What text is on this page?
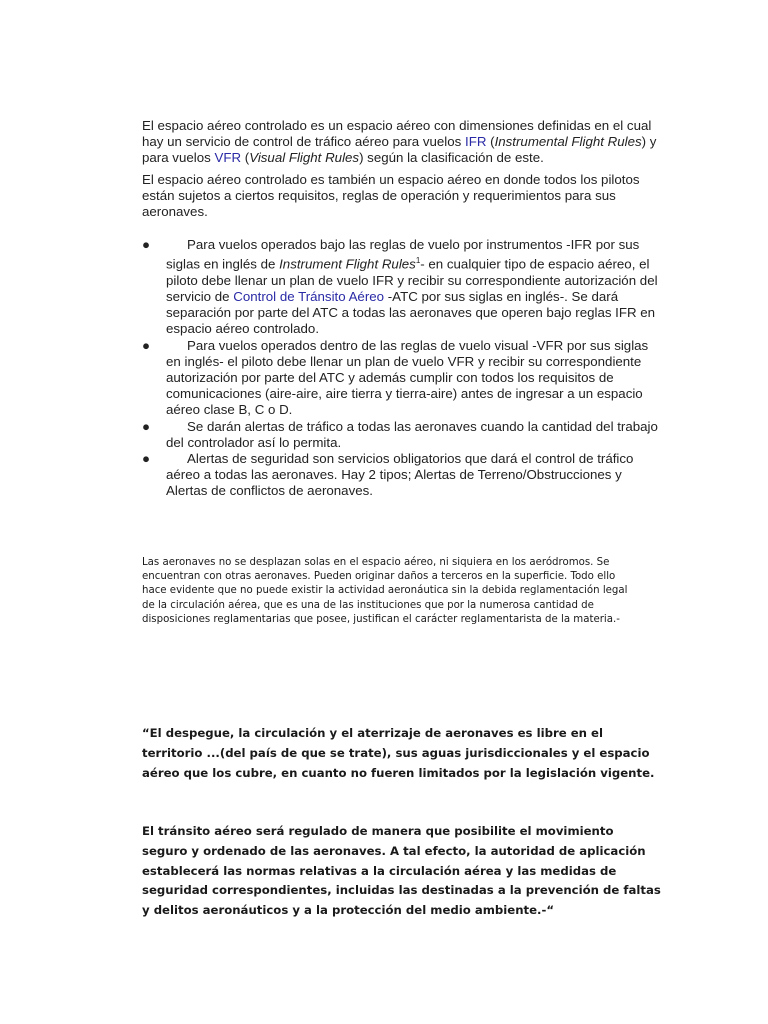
El espacio aéreo controlado es un espacio aéreo con dimensiones definidas en el cual hay un servicio de control de tráfico aéreo para vuelos IFR (Instrumental Flight Rules) y para vuelos VFR (Visual Flight Rules) según la clasificación de este.

El espacio aéreo controlado es también un espacio aéreo en donde todos los pilotos están sujetos a ciertos requisitos, reglas de operación y requerimientos para sus aeronaves.

●	Para vuelos operados bajo las reglas de vuelo por instrumentos -IFR por sus siglas en inglés de Instrument Flight Rules$^1$- en cualquier tipo de espacio aéreo, el piloto debe llenar un plan de vuelo IFR y recibir su correspondiente autorización del servicio de Control de Tránsito Aéreo -ATC por sus siglas en inglés-. Se dará separación por parte del ATC a todas las aeronaves que operen bajo reglas IFR en espacio aéreo controlado.
●	Para vuelos operados dentro de las reglas de vuelo visual -VFR por sus siglas en inglés- el piloto debe llenar un plan de vuelo VFR y recibir su correspondiente autorización por parte del ATC y además cumplir con todos los requisitos de comunicaciones (aire-aire, aire tierra y tierra-aire) antes de ingresar a un espacio aéreo clase B, C o D.
●	Se darán alertas de tráfico a todas las aeronaves cuando la cantidad del trabajo del controlador así lo permita.
●	Alertas de seguridad son servicios obligatorios que dará el control de tráfico aéreo a todas las aeronaves. Hay 2 tipos; Alertas de Terreno/Obstrucciones y Alertas de conflictos de aeronaves.

Las aeronaves no se desplazan solas en el espacio aéreo, ni siquiera en los aeródromos. Se encuentran con otras aeronaves. Pueden originar daños a terceros en la superficie. Todo ello hace evidente que no puede existir la actividad aeronáutica sin la debida reglamentación legal de la circulación aérea, que es una de las instituciones que por la numerosa cantidad de disposiciones reglamentarias que posee, justifican el carácter reglamentarista de la materia.-

“El despegue, la circulación y el aterrizaje de aeronaves es libre en el territorio ...(del país de que se trate), sus aguas jurisdiccionales y el espacio aéreo que los cubre, en cuanto no fueren limitados por la legislación vigente.

El tránsito aéreo será regulado de manera que posibilite el movimiento seguro y ordenado de las aeronaves. A tal efecto, la autoridad de aplicación establecerá las normas relativas a la circulación aérea y las medidas de seguridad correspondientes, incluidas las destinadas a la prevención de faltas y delitos aeronáuticos y a la protección del medio ambiente.-“
